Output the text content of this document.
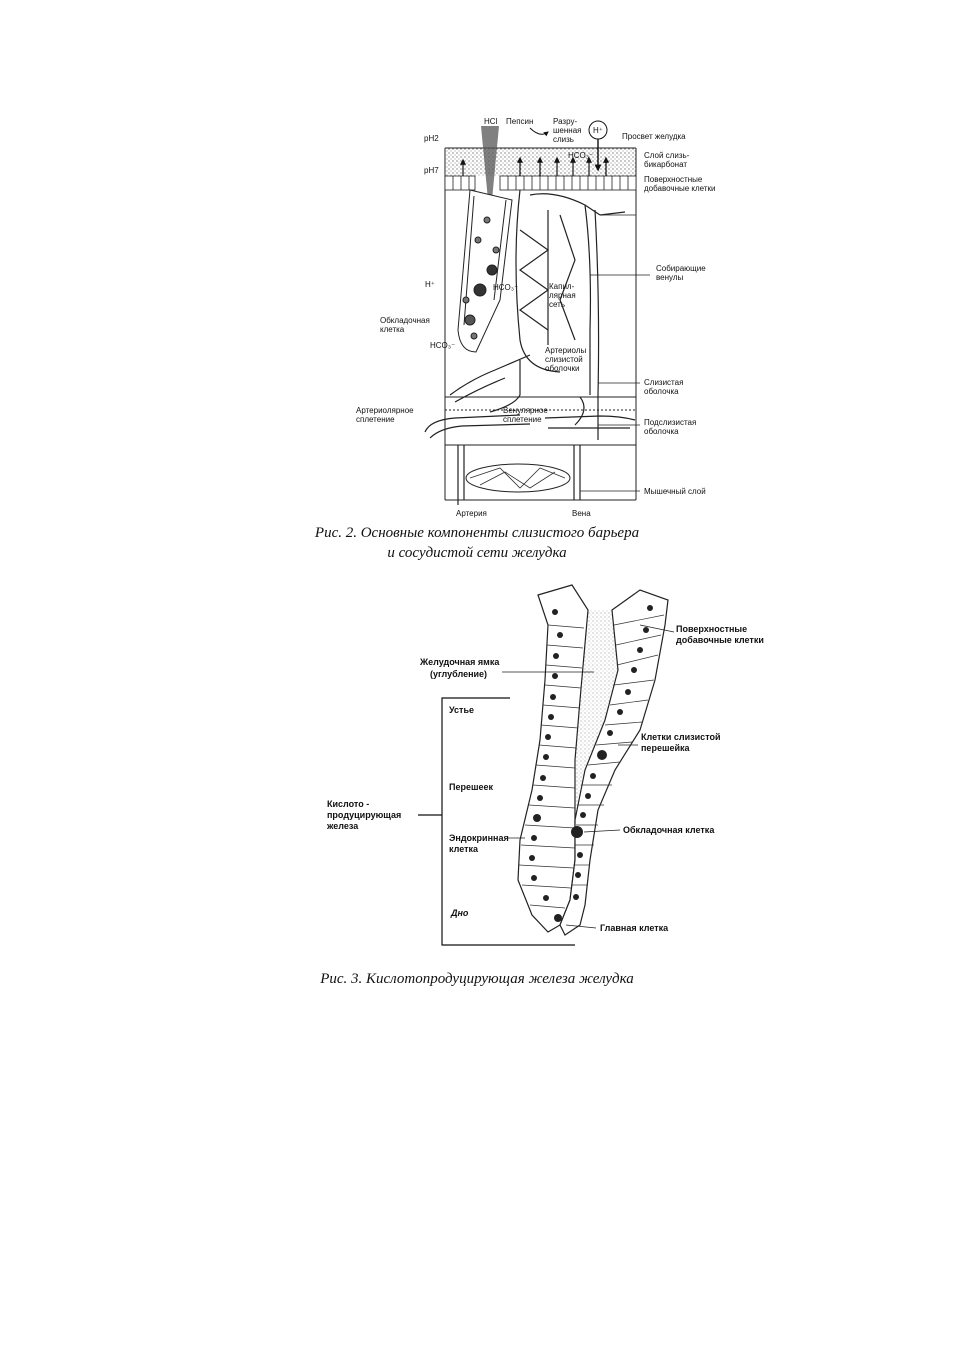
HCl Пепсин Разру-
шенная
слизь
H⁺
Просвет желудка
pH2
pH7
HCO₃⁻	Слой слизь-
бикарбонат
Поверхностные
добавочные клетки
Собирающие
венулы
H⁺	HCO₃⁻	Капил-
лярная
сеть
Обкладочная
клетка
HCO₃⁻
Артериолы
слизистой
оболочки
Слизистая
оболочка
Артериолярное
сплетение
Венулярное
сплетение	Подслизистая
оболочка
Мышечный слой
Артерия	Вена
Поверхностные
добавочные клетки
Желудочная ямка
(углубление)
Устье
Клетки слизистой
перешейка
Перешеек
Кислото -
продуцирующая
железа
Эндокринная
клетка
Обкладочная клетка
Дно
Главная клетка
Рис. 2. Основные компоненты слизистого барьера
и сосудистой сети желудка
Рис. 3. Кислотопродуцирующая железа желудка
